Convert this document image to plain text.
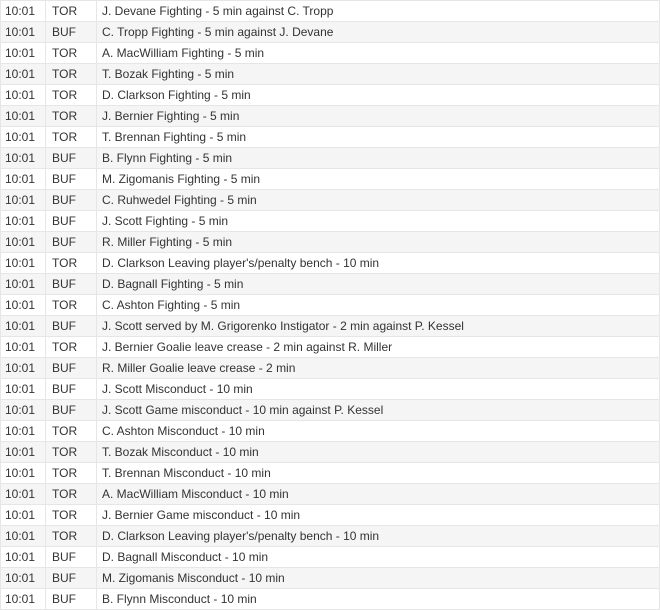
10:01	TOR	J. Devane Fighting - 5 min against C. Tropp
10:01	BUF	C. Tropp Fighting - 5 min against J. Devane
10:01	TOR	A. MacWilliam Fighting - 5 min
10:01	TOR	T. Bozak Fighting - 5 min
10:01	TOR	D. Clarkson Fighting - 5 min
10:01	TOR	J. Bernier Fighting - 5 min
10:01	TOR	T. Brennan Fighting - 5 min
10:01	BUF	B. Flynn Fighting - 5 min
10:01	BUF	M. Zigomanis Fighting - 5 min
10:01	BUF	C. Ruhwedel Fighting - 5 min
10:01	BUF	J. Scott Fighting - 5 min
10:01	BUF	R. Miller Fighting - 5 min
10:01	TOR	D. Clarkson Leaving player's/penalty bench - 10 min
10:01	BUF	D. Bagnall Fighting - 5 min
10:01	TOR	C. Ashton Fighting - 5 min
10:01	BUF	J. Scott served by M. Grigorenko Instigator - 2 min against P. Kessel
10:01	TOR	J. Bernier Goalie leave crease - 2 min against R. Miller
10:01	BUF	R. Miller Goalie leave crease - 2 min
10:01	BUF	J. Scott Misconduct - 10 min
10:01	BUF	J. Scott Game misconduct - 10 min against P. Kessel
10:01	TOR	C. Ashton Misconduct - 10 min
10:01	TOR	T. Bozak Misconduct - 10 min
10:01	TOR	T. Brennan Misconduct - 10 min
10:01	TOR	A. MacWilliam Misconduct - 10 min
10:01	TOR	J. Bernier Game misconduct - 10 min
10:01	TOR	D. Clarkson Leaving player's/penalty bench - 10 min
10:01	BUF	D. Bagnall Misconduct - 10 min
10:01	BUF	M. Zigomanis Misconduct - 10 min
10:01	BUF	B. Flynn Misconduct - 10 min
